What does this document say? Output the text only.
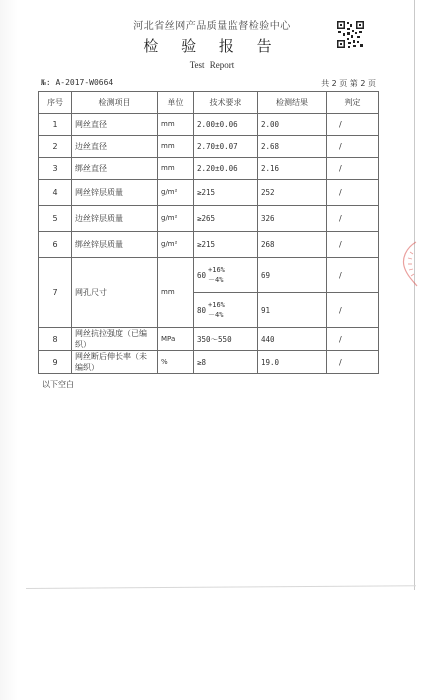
河北省丝网产品质量监督检验中心
检 验 报 告
Test Report
№: A-2017-W0664	共 2 页 第 2 页
序号	检测项目	单位	技术要求	检测结果	判定
1	网丝直径	mm	2.00±0.06	2.00	/
2	边丝直径	mm	2.70±0.07	2.68	/
3	绑丝直径	mm	2.20±0.06	2.16	/
4	网丝锌层质量	g/m²	≥215	252	/
5	边丝锌层质量	g/m²	≥265	326	/
6	绑丝锌层质量	g/m²	≥215	268	/
7	网孔尺寸	mm	60
+16%
－4%	69	/

			80
+16%
－4%	91	/
8	网丝抗拉强度（已编织）	MPa	350～550	440	/
9	网丝断后伸长率（未编织）	%	≥8	19.0	/
以下空白
